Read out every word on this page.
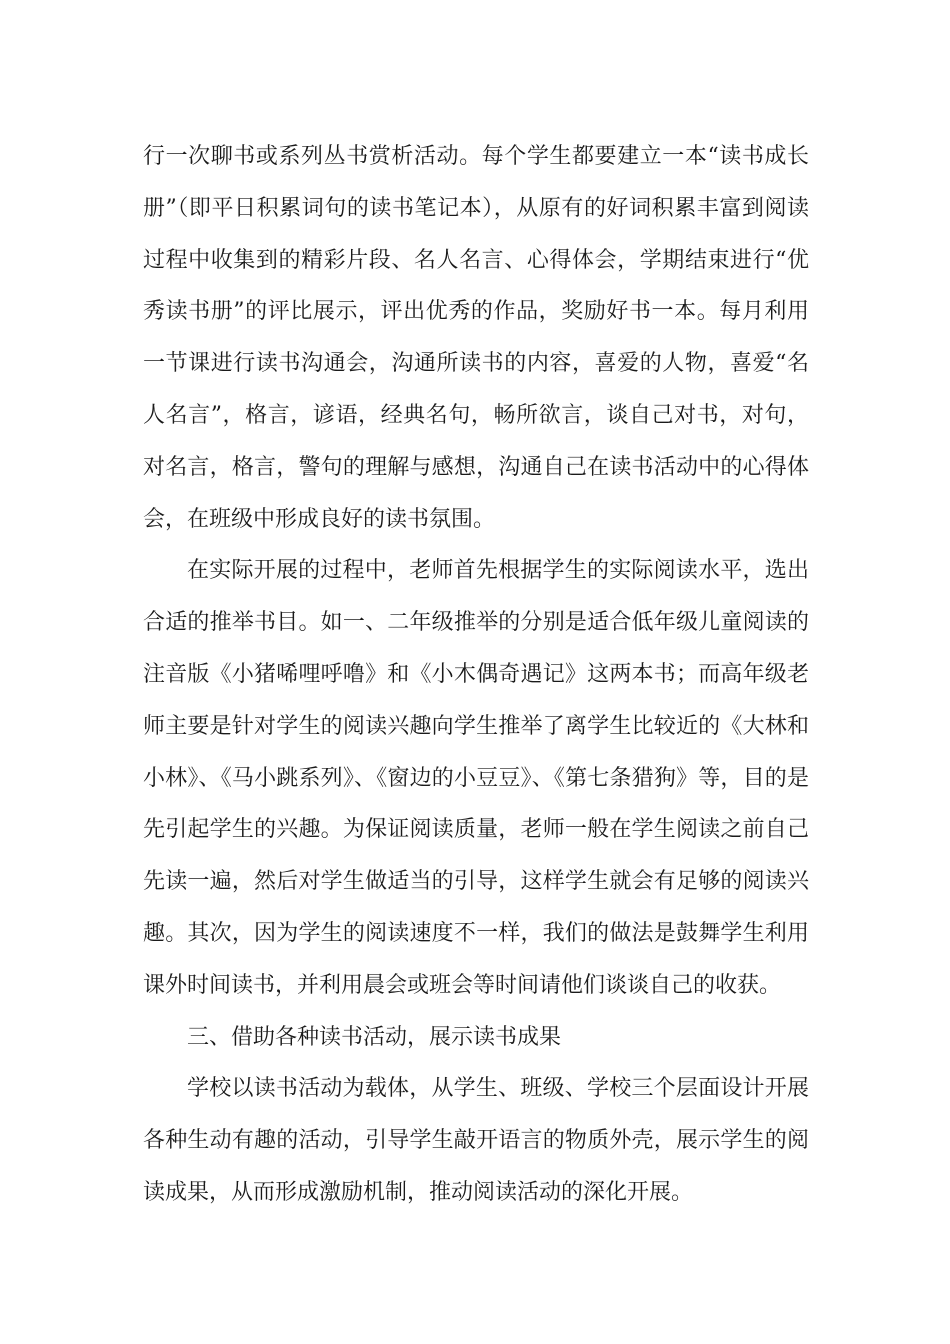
行一次聊书或系列丛书赏析活动。每个学生都要建立一本“读书成长册”（即平日积累词句的读书笔记本），从原有的好词积累丰富到阅读过程中收集到的精彩片段、名人名言、心得体会，学期结束进行“优秀读书册”的评比展示，评出优秀的作品，奖励好书一本。每月利用一节课进行读书沟通会，沟通所读书的内容，喜爱的人物，喜爱“名人名言”，格言，谚语，经典名句，畅所欲言，谈自己对书，对句，对名言，格言，警句的理解与感想，沟通自己在读书活动中的心得体会，在班级中形成良好的读书氛围。

在实际开展的过程中，老师首先根据学生的实际阅读水平，选出合适的推举书目。如一、二年级推举的分别是适合低年级儿童阅读的注音版《小猪唏哩呼噜》和《小木偶奇遇记》这两本书；而高年级老师主要是针对学生的阅读兴趣向学生推举了离学生比较近的《大林和小林》、《马小跳系列》、《窗边的小豆豆》、《第七条猎狗》等，目的是先引起学生的兴趣。为保证阅读质量，老师一般在学生阅读之前自己先读一遍，然后对学生做适当的引导，这样学生就会有足够的阅读兴趣。其次，因为学生的阅读速度不一样，我们的做法是鼓舞学生利用课外时间读书，并利用晨会或班会等时间请他们谈谈自己的收获。

三、借助各种读书活动，展示读书成果

学校以读书活动为载体，从学生、班级、学校三个层面设计开展各种生动有趣的活动，引导学生敲开语言的物质外壳，展示学生的阅读成果，从而形成激励机制，推动阅读活动的深化开展。
